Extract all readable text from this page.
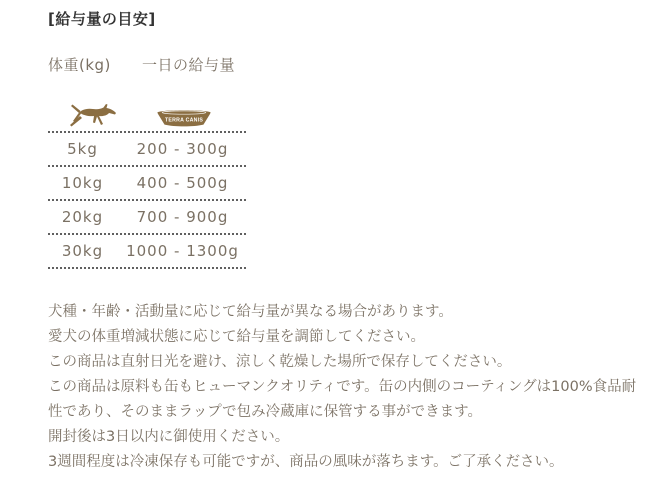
[給与量の目安]
体重(kg) 一日の給与量
TERRA CANIS
5kg	200 - 300g
10kg	400 - 500g
20kg	700 - 900g
30kg	1000 - 1300g

犬種・年齢・活動量に応じて給与量が異なる場合があります。

愛犬の体重増減状態に応じて給与量を調節してください。

この商品は直射日光を避け、涼しく乾燥した場所で保存してください。

この商品は原料も缶もヒューマンクオリティです。缶の内側のコーティングは100%食品耐性であり、そのままラップで包み冷蔵庫に保管する事ができます。

開封後は3日以内に御使用ください。

3週間程度は冷凍保存も可能ですが、商品の風味が落ちます。ご了承ください。
